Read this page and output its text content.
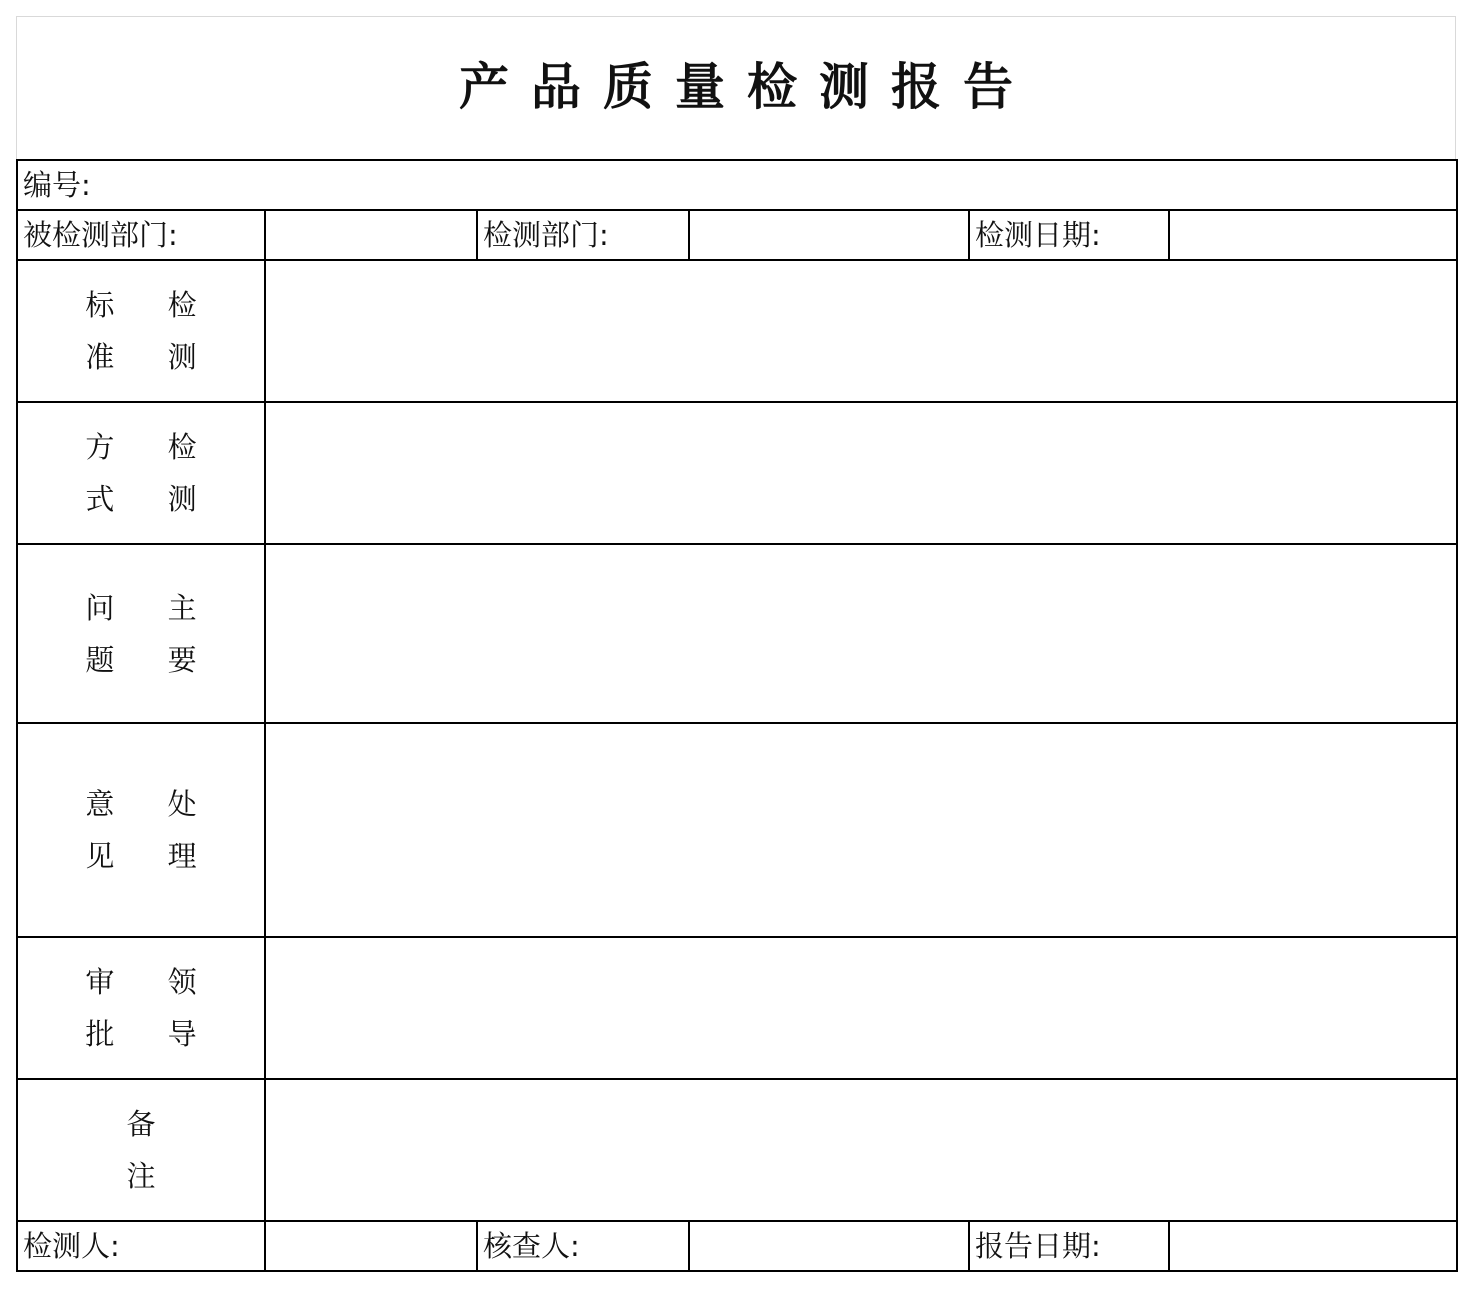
产品质量检测报告
编号:					
被检测部门:		检测部门:		检测日期:	

标 检
准 测					

方 检
式 测					

问 主
题 要					

意 处
见 理					

审 领
批 导					

备
注					

检测人:		核查人:		报告日期:	
